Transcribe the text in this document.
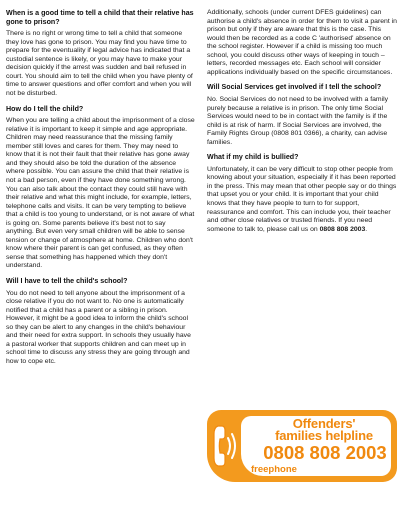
When is a good time to tell a child that their relative has gone to prison?

There is no right or wrong time to tell a child that someone they love has gone to prison. You may find you have time to prepare for the eventuality if legal advice has indicated that a custodial sentence is likely, or you may have to make your decision quickly if the arrest was sudden and bail refused in court. You should aim to tell the child when you have plenty of time to answer questions and offer comfort and when you will not be disturbed.

How do I tell the child?

When you are telling a child about the imprisonment of a close relative it is important to keep it simple and age appropriate. Children may need reassurance that the missing family member still loves and cares for them. They may need to know that it is not their fault that their relative has gone away and they should also be told the duration of the absence where possible. You can assure the child that their relative is not a bad person, even if they have done something wrong. You can also talk about the contact they could still have with their relative and what this might include, for example, letters, telephone calls and visits. It can be very tempting to believe that a child is too young to understand, or is not aware of what is going on. Some parents believe it's best not to say anything. But even very small children will be able to sense tension or change of atmosphere at home. Children who don't know where their parent is can get confused, as they often sense that something has happened which they don't understand.

Will I have to tell the child's school?

You do not need to tell anyone about the imprisonment of a close relative if you do not want to. No one is automatically notified that a child has a parent or a sibling in prison. However, it might be a good idea to inform the child's school so they can be alert to any changes in the child's behaviour and their need for extra support. In schools they usually have a pastoral worker that supports children and can meet up in school time to discuss any stress they are going through and how to cope etc.

Additionally, schools (under current DFES guidelines) can authorise a child's absence in order for them to visit a parent in prison but only if they are aware that this is the case. This would then be recorded as a code C 'authorised' absence on the school register. However if a child is missing too much school, you could discuss other ways of keeping in touch – letters, recorded messages etc. Each school will consider applications individually based on the specific circumstances.

Will Social Services get involved if I tell the school?

No. Social Services do not need to be involved with a family purely because a relative is in prison. The only time Social Services would need to be in contact with the family is if the child is at risk of harm. If Social Services are involved, the Family Rights Group (0808 801 0366), a charity, can advise families.

What if my child is bullied?

Unfortunately, it can be very difficult to stop other people from knowing about your situation, especially if it has been reported in the press. This may mean that other people say or do things that upset you or your child. It is important that your child knows that they have people to turn to for support, reassurance and comfort. This can include you, their teacher and other close relatives or trusted friends. If you need someone to talk to, please call us on 0808 808 2003.

Offenders'
families helpline
0808 808 2003
freephone
